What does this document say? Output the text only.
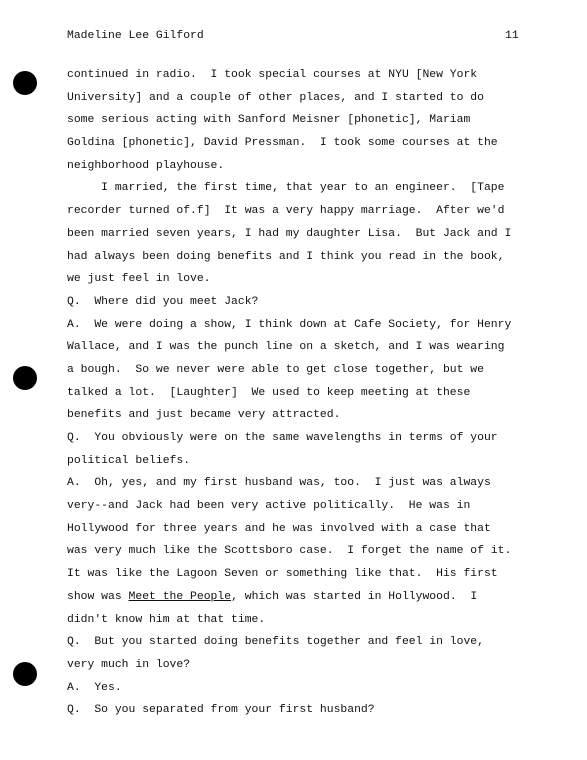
Madeline Lee Gilford	11
continued in radio.  I took special courses at NYU [New York
University] and a couple of other places, and I started to do
some serious acting with Sanford Meisner [phonetic], Mariam
Goldina [phonetic], David Pressman.  I took some courses at the
neighborhood playhouse.
I married, the first time, that year to an engineer.  [Tape
recorder turned of.f]  It was a very happy marriage.  After we'd
been married seven years, I had my daughter Lisa.  But Jack and I
had always been doing benefits and I think you read in the book,
we just feel in love.
Q.  Where did you meet Jack?
A.  We were doing a show, I think down at Cafe Society, for Henry
Wallace, and I was the punch line on a sketch, and I was wearing
a bough.  So we never were able to get close together, but we
talked a lot.  [Laughter]  We used to keep meeting at these
benefits and just became very attracted.
Q.  You obviously were on the same wavelengths in terms of your
political beliefs.
A.  Oh, yes, and my first husband was, too.  I just was always
very--and Jack had been very active politically.  He was in
Hollywood for three years and he was involved with a case that
was very much like the Scottsboro case.  I forget the name of it.
It was like the Lagoon Seven or something like that.  His first
show was Meet the People, which was started in Hollywood.  I
didn't know him at that time.
Q.  But you started doing benefits together and feel in love,
very much in love?
A.  Yes.
Q.  So you separated from your first husband?
